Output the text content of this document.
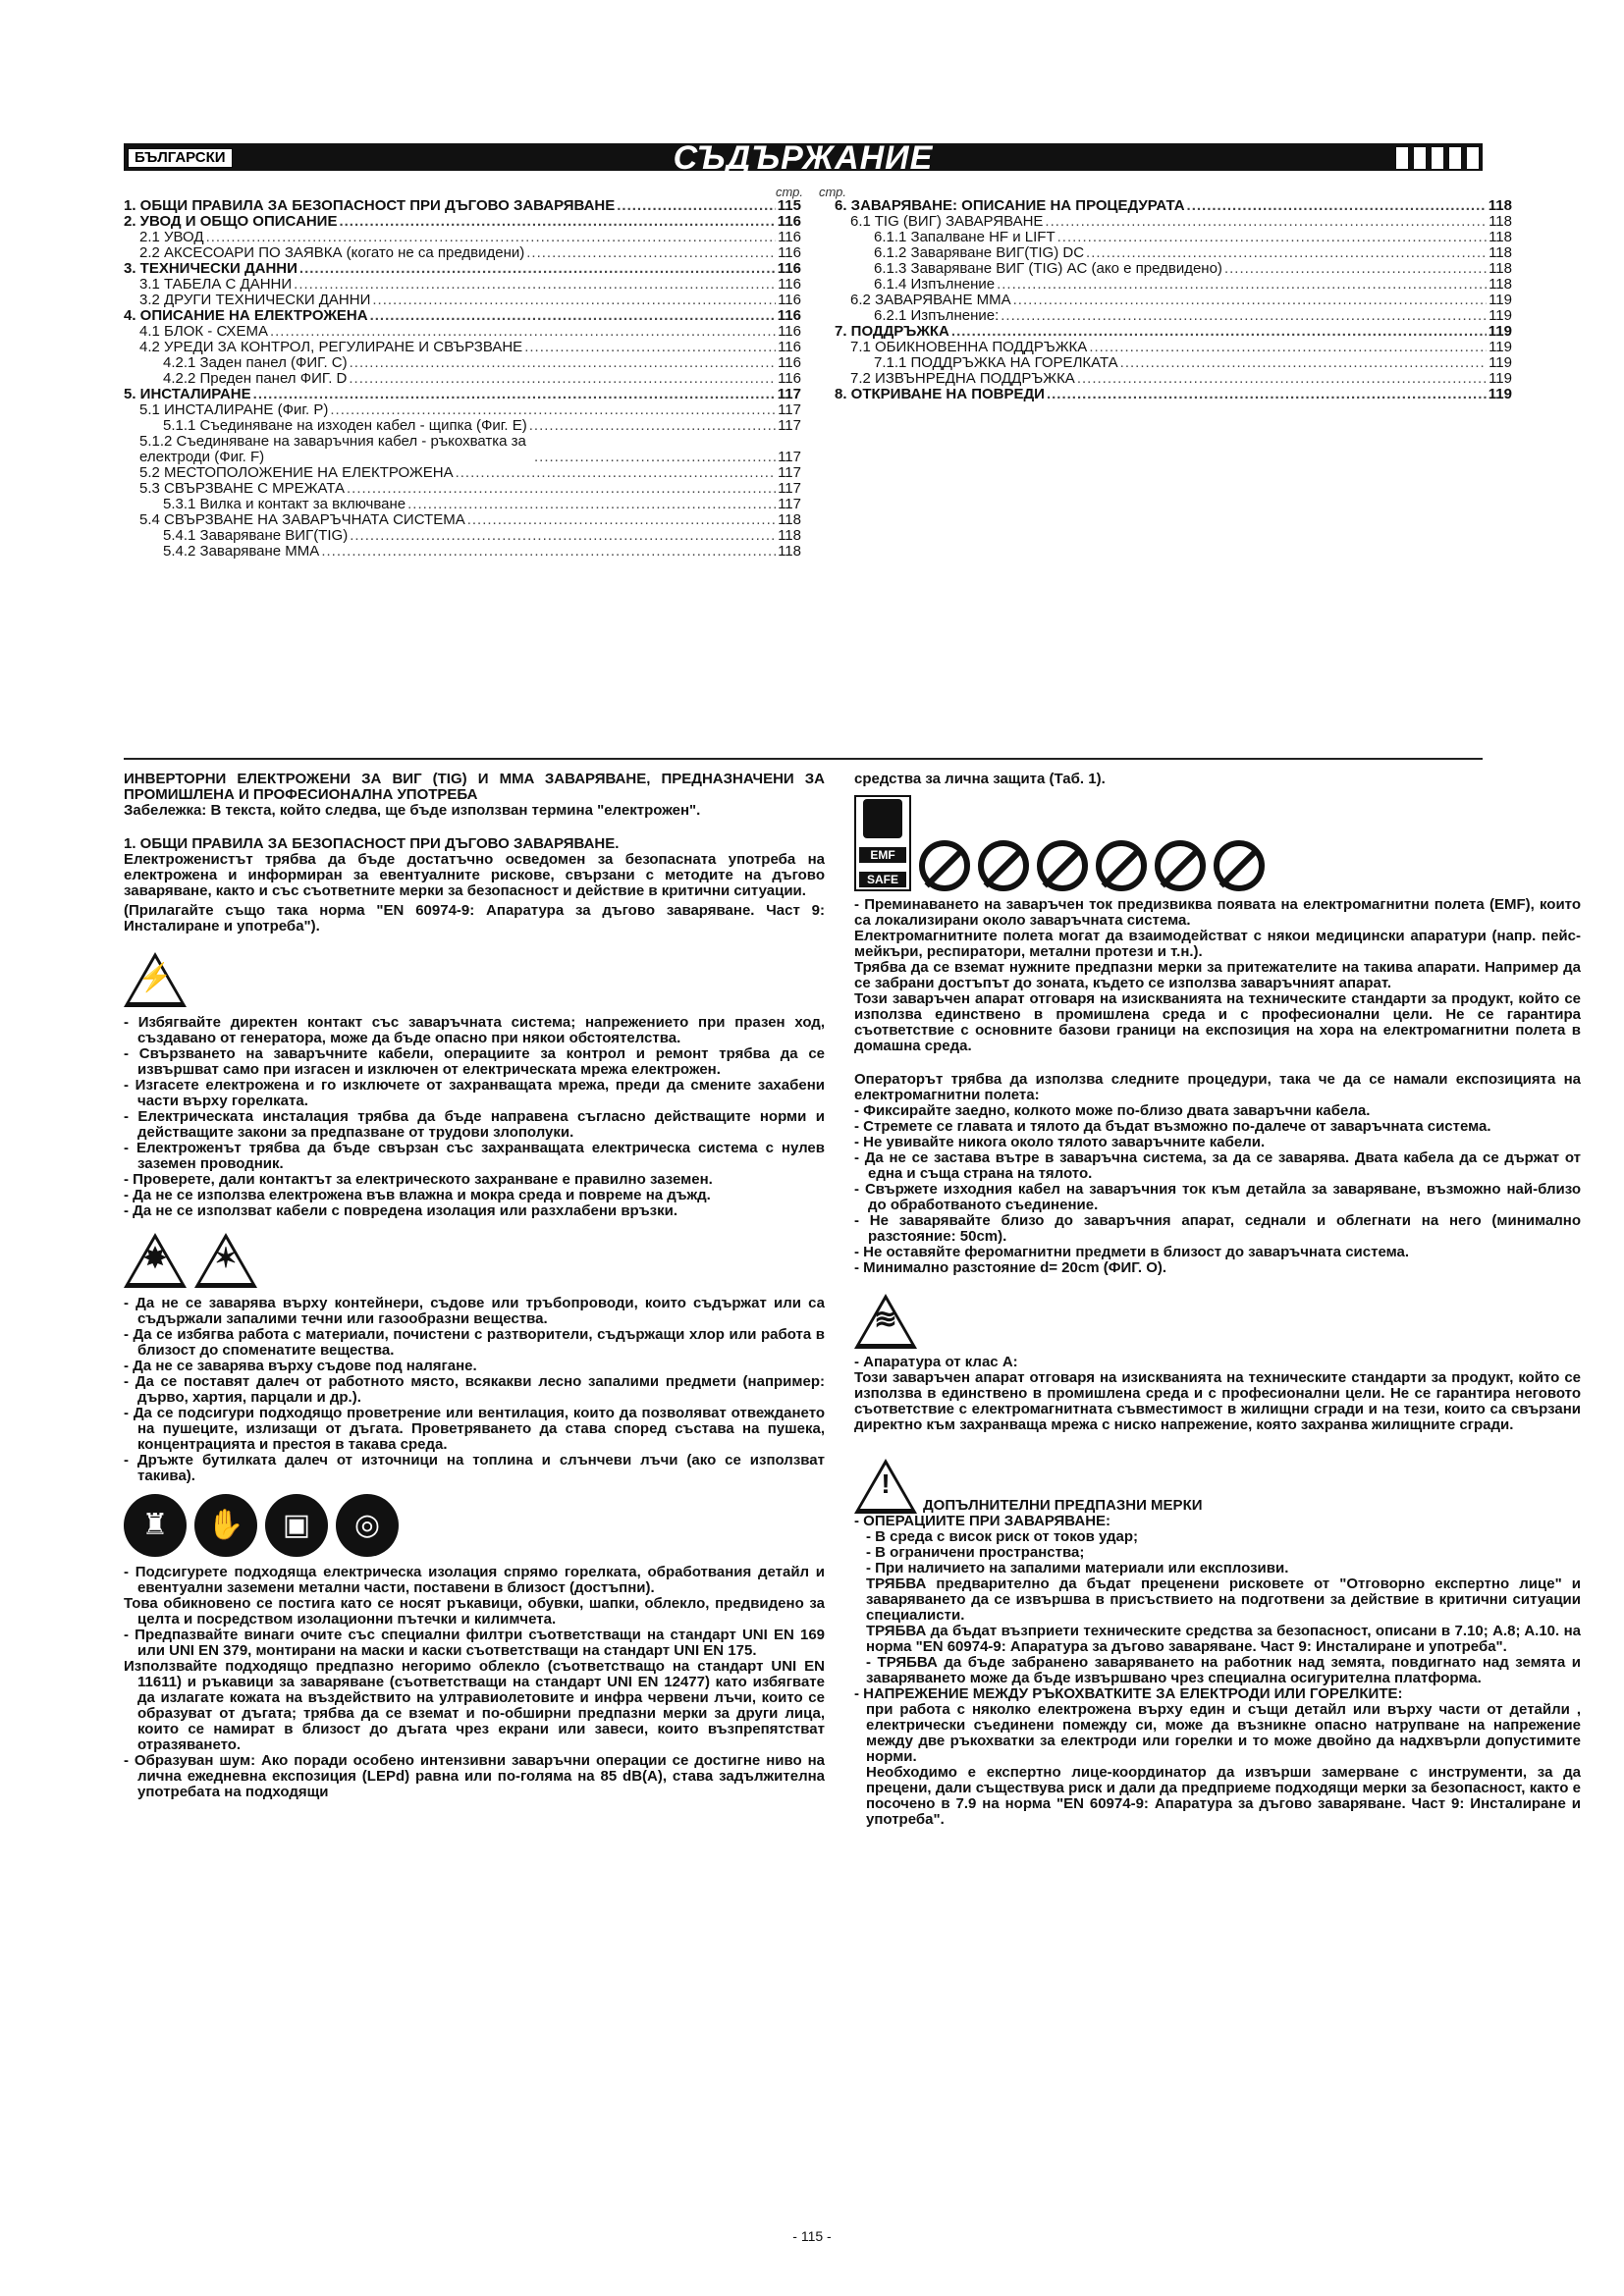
БЪЛГАРСКИ	СЪДЪРЖАНИЕ
стр. стр.
1. ОБЩИ ПРАВИЛА ЗА БЕЗОПАСНОСТ ПРИ ДЪГОВО ЗАВАРЯВАНЕ .....	115
2. УВОД И ОБЩО ОПИСАНИЕ .....	116
2.1 УВОД .....	116
2.2 АКСЕСОАРИ ПО ЗАЯВКА (когато не са предвидени) .....	116
3. ТЕХНИЧЕСКИ ДАННИ .....	116
3.1 ТАБЕЛА С ДАННИ .....	116
3.2 ДРУГИ ТЕХНИЧЕСКИ ДАННИ .....	116
4. ОПИСАНИЕ НА ЕЛЕКТРОЖЕНА .....	116
4.1 БЛОК - СХЕМА .....	116
4.2 УРЕДИ ЗА КОНТРОЛ, РЕГУЛИРАНЕ И СВЪРЗВАНЕ .....	116
4.2.1 Заден панел (ФИГ. C) .....	116
4.2.2 Преден панел ФИГ. D .....	116
5. ИНСТАЛИРАНЕ .....	117
5.1 ИНСТАЛИРАНЕ (Фиг. P) .....	117
5.1.1 Съединяване на изходен кабел - щипка (Фиг. E) .....	117
5.1.2 Съединяване на заваръчния кабел - ръкохватка за електроди (Фиг. F) .....	117
5.2 МЕСТОПОЛОЖЕНИЕ НА ЕЛЕКТРОЖЕНА .....	117
5.3 СВЪРЗВАНЕ С МРЕЖАТА .....	117
5.3.1 Вилка и контакт за включване .....	117
5.4 СВЪРЗВАНЕ НА ЗАВАРЪЧНАТА СИСТЕМА .....	118
5.4.1 Заваряване ВИГ(TIG) .....	118
5.4.2 Заваряване MMA .....	118
6. ЗАВАРЯВАНЕ: ОПИСАНИЕ НА ПРОЦЕДУРАТА .....	118
6.1 TIG (ВИГ) ЗАВАРЯВАНЕ .....	118
6.1.1 Запалване HF и LIFT .....	118
6.1.2 Заваряване ВИГ(TIG) DC .....	118
6.1.3 Заваряване ВИГ (TIG) AC (ако е предвидено) .....	118
6.1.4 Изпълнение .....	118
6.2 ЗАВАРЯВАНЕ MMA .....	119
6.2.1 Изпълнение: .....	119
7. ПОДДРЪЖКА .....	119
7.1 ОБИКНОВЕННА ПОДДРЪЖКА .....	119
7.1.1 ПОДДРЪЖКА НА ГОРЕЛКАТА .....	119
7.2 ИЗВЪНРЕДНА ПОДДРЪЖКА .....	119
8. ОТКРИВАНЕ НА ПОВРЕДИ .....	119

ИНВЕРТОРНИ ЕЛЕКТРОЖЕНИ ЗА ВИГ (TIG) И MMA ЗАВАРЯВАНЕ, ПРЕДНАЗНАЧЕНИ ЗА ПРОМИШЛЕНА И ПРОФЕСИОНАЛНА УПОТРЕБА

Забележка: В текста, който следва, ще бъде използван термина "електрожен".

1. ОБЩИ ПРАВИЛА ЗА БЕЗОПАСНОСТ ПРИ ДЪГОВО ЗАВАРЯВАНЕ.

Електроженистът трябва да бъде достатъчно осведомен за безопасната употреба на електрожена и информиран за евентуалните рискове, свързани с методите на дъгово заваряване, както и със съответните мерки за безопасност и действие в критични ситуации.

(Прилагайте също така норма "EN 60974-9: Апаратура за дъгово заваряване. Част 9: Инсталиране и употреба").

⚡

- Избягвайте директен контакт със заваръчната система; напрежението при празен ход, създавано от генератора, може да бъде опасно при някои обстоятелства.

- Свързването на заваръчните кабели, операциите за контрол и ремонт трябва да се извършват само при изгасен и изключен от електрическата мрежа електрожен.

- Изгасете електрожена и го изключете от захранващата мрежа, преди да смените захабени части върху горелката.

- Електрическата инсталация трябва да бъде направена съгласно действащите норми и действащите закони за предпазване от трудови злополуки.

- Електроженът трябва да бъде свързан със захранващата електрическа система с нулев заземен проводник.

- Проверете, дали контактът за електрическото захранване е правилно заземен.

- Да не се използва електрожена във влажна и мокра среда и повреме на дъжд.

- Да не се използват кабели с повредена изолация или разхлабени връзки.

✸	✶

- Да не се заварява върху контейнери, съдове или тръбопроводи, които съдържат или са съдържали запалими течни или газообразни вещества.

- Да се избягва работа с материали, почистени с разтворители, съдържащи хлор или работа в близост до споменатите вещества.

- Да не се заварява върху съдове под налягане.

- Да се поставят далеч от работното място, всякакви лесно запалими предмети (например: дърво, хартия, парцали и др.).

- Да се подсигури подходящо проветрение или вентилация, които да позволяват отвеждането на пушеците, излизащи от дъгата. Проветряването да става според състава на пушека, концентрацията и престоя в такава среда.

- Дръжте бутилката далеч от източници на топлина и слънчеви лъчи (ако се използват такива).

♜	✋	▣	◎

- Подсигурете подходяща електрическа изолация спрямо горелката, обработвания детайл и евентуални заземени метални части, поставени в близост (достъпни).

Това обикновено се постига като се носят ръкавици, обувки, шапки, облекло, предвидено за целта и посредством изолационни пътечки и килимчета.

- Предпазвайте винаги очите със специални филтри съответстващи на стандарт UNI EN 169 или UNI EN 379, монтирани на маски и каски съответстващи на стандарт UNI EN 175.

Използвайте подходящо предпазно негоримо облекло (съответстващо на стандарт UNI EN 11611) и ръкавици за заваряване (съответстващи на стандарт UNI EN 12477) като избягвате да излагате кожата на въздействито на ултравиолетовите и инфра червени лъчи, които се образуват от дъгата; трябва да се вземат и по-обширни предпазни мерки за други лица, които се намират в близост до дъгата чрез екрани или завеси, които възпрепятстват отразяването.

- Образуван шум: Ако поради особено интензивни заваръчни операции се достигне ниво на лична ежедневна експозиция (LEPd) равна или по-голяма на 85 dB(A), става задължителна употребата на подходящи

средства за лична защита (Таб. 1).

EMF
SAFE

- Преминаването на заваръчен ток предизвиква появата на електромагнитни полета (EMF), които са локализирани около заваръчната система.

Електромагнитните полета могат да взаимодействат с някои медицински апаратури (напр. пейс-мейкъри, респиратори, метални протези и т.н.).

Трябва да се вземат нужните предпазни мерки за притежателите на такива апарати. Например да се забрани достъпът до зоната, където се използва заваръчният апарат.

Този заваръчен апарат отговаря на изискванията на техническите стандарти за продукт, който се използва единствено в промишлена среда и с професионални цели. Не се гарантира съответствие с основните базови граници на експозиция на хора на електромагнитни полета в домашна среда.

Операторът трябва да използва следните процедури, така че да се намали експозицията на електромагнитни полета:

- Фиксирайте заедно, колкото може по-близо двата заваръчни кабела.

- Стремете се главата и тялото да бъдат възможно по-далече от заваръчната система.

- Не увивайте никога около тялото заваръчните кабели.

- Да не се застава вътре в заваръчна система, за да се заварява. Двата кабела да се държат от една и съща страна на тялото.

- Свържете изходния кабел на заваръчния ток към детайла за заваряване, възможно най-близо до обработваното съединение.

- Не заварявайте близо до заваръчния апарат, седнали и облегнати на него (минимално разстояние: 50cm).

- Не оставяйте феромагнитни предмети в близост до заваръчната система.

- Минимално разстояние d= 20cm (ФИГ. O).

≋

- Апаратура от клас A:

Този заваръчен апарат отговаря на изискванията на техническите стандарти за продукт, който се използва в единствено в промишлена среда и с професионални цели. Не се гарантира неговото съответствие с електромагнитната съвместимост в жилищни сгради и на тези, които са свързани директно към захранваща мрежа с ниско напрежение, която захранва жилищните сгради.

!

ДОПЪЛНИТЕЛНИ ПРЕДПАЗНИ МЕРКИ

- ОПЕРАЦИИТЕ ПРИ ЗАВАРЯВАНЕ:

- В среда с висок риск от токов удар;

- В ограничени пространства;

- При наличието на запалими материали или експлозиви.

ТРЯБВА предварително да бъдат преценени рисковете от "Отговорно експертно лице" и заваряването да се извършва в присъствието на подготвени за действие в критични ситуации специалисти.

ТРЯБВА да бъдат възприети техническите средства за безопасност, описани в 7.10; A.8; A.10. на норма "EN 60974-9: Апаратура за дъговo заваряване. Част 9: Инсталиране и употреба".

- ТРЯБВА да бъде забранено заваряването на работник над земята, повдигнато над земята и заваряването може да бъде извършвано чрез специална осигурителна платформа.

- НАПРЕЖЕНИЕ МЕЖДУ РЪКОХВАТКИТЕ ЗА ЕЛЕКТРОДИ ИЛИ ГОРЕЛКИТЕ:

при работа с няколко електрожена върху един и същи детайл или върху части от детайли , електрически съединени помежду си, може да възникне опасно натрупване на напрежение между две ръкохватки за електроди или горелки и то може двойно да надхвърли допустимите норми.

Необходимо е експертно лице-координатор да извърши замерване с инструменти, за да прецени, дали съществува риск и дали да предприеме подходящи мерки за безопасност, както е посочено в 7.9 на норма "EN 60974-9: Апаратура за дъгово заваряване. Част 9: Инсталиране и употреба".

- 115 -
